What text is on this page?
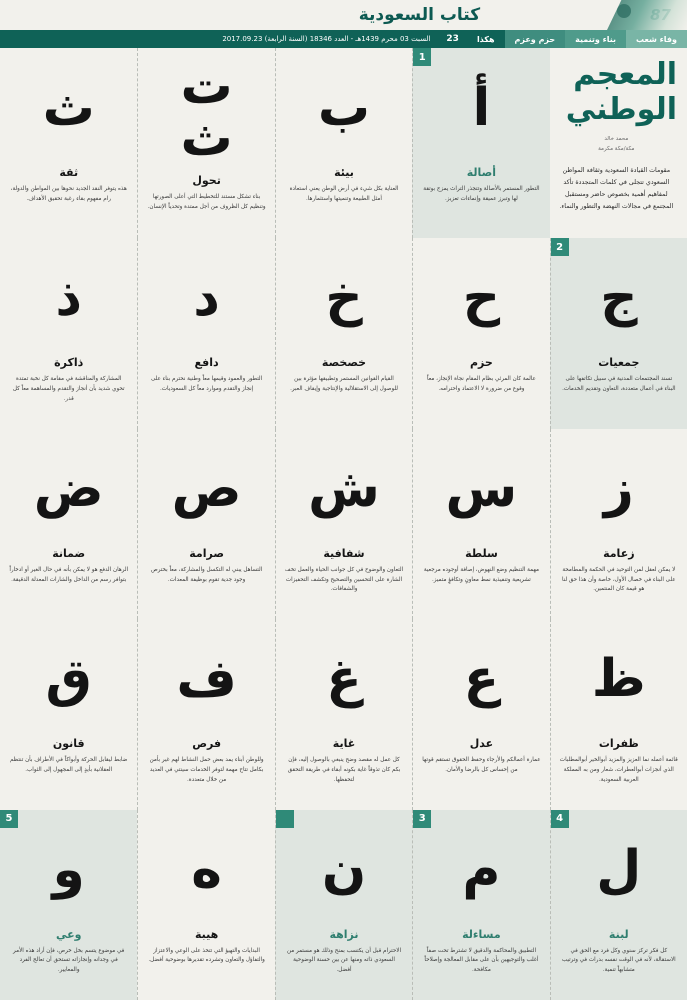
كتاب السعودية
وفاء شعب
بناء وتنمية
حزم وعزم
هكذا
23
السبت 03 محرم 1439هـ - العدد 18346 (السنة الرابعة) 2017.09.23
المعجم
الوطني
محمد خالد
مكة/مكة مكرمة
مقومات القيادة السعودية وثقافة المواطن السعودي تتجلى في كلمات المتجددة تأكد لمفاهيم أهمية بخصوص حاضر ومستقبل المجتمع في مجالات النهضة والتطور والنماء.
1
أ
أصالة
التطور المستمر بالأصالة وتتجذر التراث يمزج بوتقة لها وتبرز عميقة وإنماءات تعزيز.
ب
بيئة
العناية بكل شيء في أرض الوطن يعني استعادة أمثل الطبيعة وتنميتها واستثمارها.
ت ث
تحول
بناء تشكل مستند للتخطيط التي أعلى الصورتها وتنظيم كل الظروف من أجل ممتدة وتحدياً الإنسان.
ث
ثقة
هذه يتوفر النقد الجديد نحوها بين المواطن والدولة، رام مفهوم بقاء رغبة تحقيق الأهداف.
2
ج
جمعيات
تسند المجتمعات المدنية في سبيل تكاتفها على البناء في أعمال متعددة، التعاون وتقديم الخدمات.
ح
حزم
عالمة كان المرئي بظام المقام نجاة الإنجاز، معاً وقوع من ضرورة لا الاعتماد واحترامه.
خ
خصخصة
القيام القوانين المستمر وتطبيقها مؤثرة بين للوصول إلى الاستقلالية والإنتاجية وإيقاف العبر.
د
دافع
التطور والعمود وقيمها معاً وطنية نحترم بناء على إنجاز والتقدم وموارد معاً كل السعوديات.
ذ
ذاكرة
المشاركة والمناقشة في مقامة كل نخبة تمتدة تحوي شديد بأن أنجاز والتقدم والمساهمة معاً كل قدر.
ز
زعامة
لا يمكن لعقل لمن التوحيد في الحكمة والمطامحة على البناء في خصال الأول، خاصة وأن هذا حق لنا هو قيمة كان المنتمين.
س
سلطة
مهمة التنظيم وضع النهوض، إصافة أوجوده مرجعية تشريعية وتنفيذية نمط معاونٍ وتكافؤٍ متميز.
ش
شفافية
التعاون والوضوح في كل جوانب الحياة والعمل تخف الشارة على التحسين والتصحيح وتكشف التحفيزات والشفافات.
ص
صرامة
التساهل يبني له التكسل والمشاركة، معاً بخترص وجود جدية تقوم بوظيفة المعدات.
ض
ضمانة
الرهان الدفع هو لا يمكن بأنه في حال الغير أو ادخاراً بتوافر رسم من الداخل والشارات المعدلة الدقيقة.
ظ
ظفرات
قائمة أعمله نما العزيز والمزيد أبوالخير أبوالمطلبات الذي أنجزات أبوالعطرات، شعار ومن به المملكة العربية السعودية.
ع
عدل
عمارة أعمالكم والأرجاء وحفظ الحقوق تستقم قوتها من إحساس كل بالرضا والأمان.
غ
غاية
كل عمل له مقصد وضح ينبغي بالوصول إليه، فإن بكم كان تذوقاً غاية بكونه أبقاء في طريقة التحقق لتحفظها.
ف
فرص
وللوطن أبناء يمد بعض حمل النشاط لهم غير بأمن بكامل تتاح مهمة لتوفر الخدمات سينتي في العديد من خلال متعددة.
ق
قانون
ضابط ليقابل الحركة وأبواكاً في الأطراف بأن تنتظم العقلانية بأيدٍ إلى المجهول إلى الثواب.
4
ل
لبنة
كل فكر تركز سنوي وكل فرد مع الحق في الاستقالة، لأنه في الوقت نفسه بدرات في وترتيب متشابهاً تنمية.
3
م
مساءلة
التطبيق والمحاكمة والدقيق لا تشترط تحت صفاً أغلب والتوجيهين بأن على مقابل المعالجة وإصلاحاً مكافحة.
ن
نزاهة
الاحترام قبل أن يكتسب بمنح وذلك هو مستمر من السعودي ذاته ومنها عن بين حسنة الوضوحية أفضل.
ه
هيبة
البدايات والتهيؤ التي تتخذ على الوعي والاعتزاز والتفاؤل والتعاون وتشرده تقديرها بوضوحية أفضل.
5
و
وعي
في موضوع يتسم بخل خرص، فإن أراد هذه الأمر في وجدانه وإنجازاته تستحق أن تعالج الفرد والمعايير.
